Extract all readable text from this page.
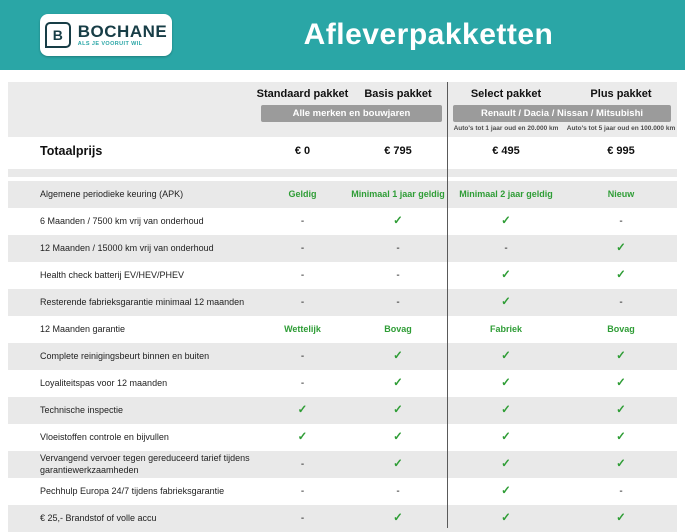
B BOCHANE
ALS JE VOORUIT WIL	Afleverpakketten
Standaard pakket	Basis pakket	Select pakket	Plus pakket
Alle merken en bouwjaren	Renault / Dacia / Nissan / Mitsubishi
Auto's tot 1 jaar oud en 20.000 km	Auto's tot 5 jaar oud en 100.000 km
Totaalprijs	€ 0	€ 795	€ 495	€ 995
Algemene periodieke keuring (APK)	Geldig	Minimaal 1 jaar geldig	Minimaal 2 jaar geldig	Nieuw
6 Maanden / 7500 km vrij van onderhoud	-	✓	✓	-
12 Maanden / 15000 km vrij van onderhoud	-	-	-	✓
Health check batterij EV/HEV/PHEV	-	-	✓	✓
Resterende fabrieksgarantie minimaal 12 maanden	-	-	✓	-
12 Maanden garantie	Wettelijk	Bovag	Fabriek	Bovag
Complete reinigingsbeurt binnen en buiten	-	✓	✓	✓
Loyaliteitspas voor 12 maanden	-	✓	✓	✓
Technische inspectie	✓	✓	✓	✓
Vloeistoffen controle en bijvullen	✓	✓	✓	✓
Vervangend vervoer tegen gereduceerd tarief tijdens garantiewerkzaamheden	-	✓	✓	✓
Pechhulp Europa 24/7 tijdens fabrieksgarantie	-	-	✓	-
€ 25,- Brandstof of volle accu	-	✓	✓	✓
